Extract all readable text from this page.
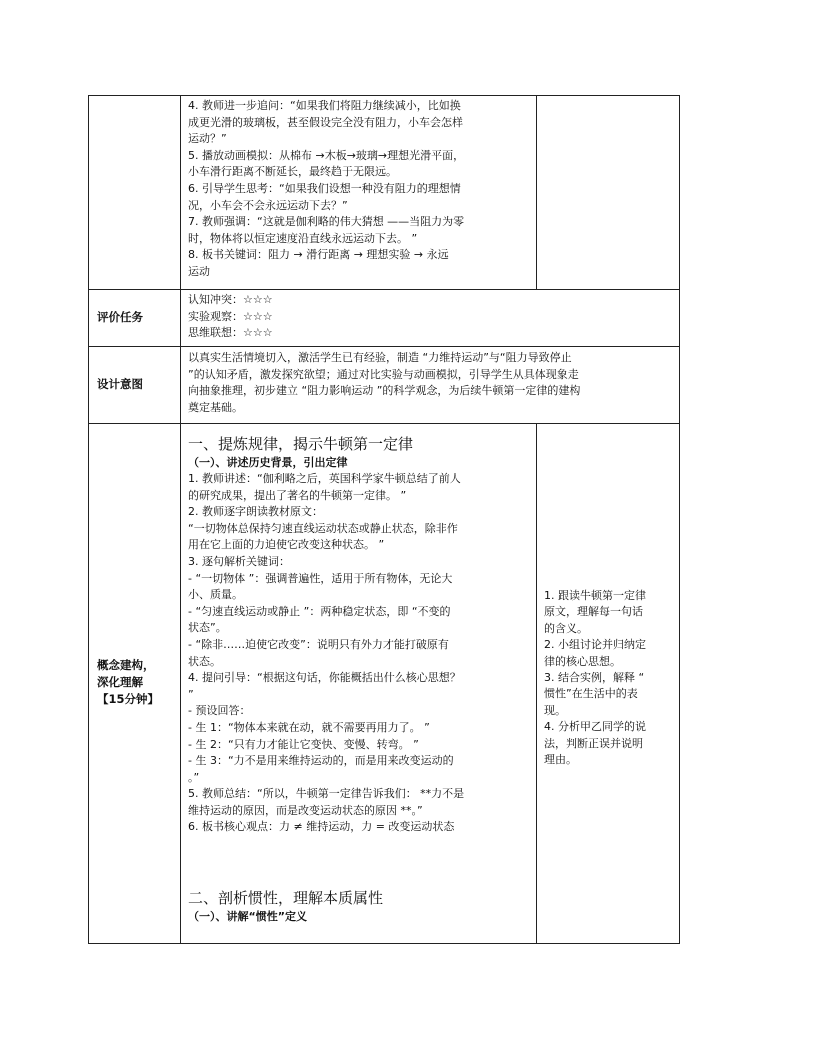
4. 教师进一步追问：“如果我们将阻力继续减小，比如换

成更光滑的玻璃板，甚至假设完全没有阻力，小车会怎样

运动？”

5. 播放动画模拟：从棉布 →木板→玻璃→理想光滑平面，

小车滑行距离不断延长，最终趋于无限远。

6. 引导学生思考：“如果我们设想一种没有阻力的理想情

况，小车会不会永远运动下去？”

7. 教师强调：“这就是伽利略的伟大猜想 ——当阻力为零

时，物体将以恒定速度沿直线永远运动下去。 ”

8. 板书关键词：阻力 → 滑行距离 → 理想实验 → 永远

运动

评价任务

认知冲突：☆☆☆

实验观察：☆☆☆

思维联想：☆☆☆

设计意图

以真实生活情境切入，激活学生已有经验，制造 “力维持运动”与“阻力导致停止

”的认知矛盾，激发探究欲望；通过对比实验与动画模拟，引导学生从具体现象走

向抽象推理，初步建立 “阻力影响运动 ”的科学观念，为后续牛顿第一定律的建构

奠定基础。

概念建构，

深化理解

【15分钟】

一、提炼规律，揭示牛顿第一定律

（一）、讲述历史背景，引出定律

1. 教师讲述：“伽利略之后，英国科学家牛顿总结了前人

的研究成果，提出了著名的牛顿第一定律。 ”

2. 教师逐字朗读教材原文：

“一切物体总保持匀速直线运动状态或静止状态，除非作

用在它上面的力迫使它改变这种状态。 ”

3. 逐句解析关键词：

- “一切物体 ”：强调普遍性，适用于所有物体，无论大

小、质量。

- “匀速直线运动或静止 ”：两种稳定状态，即 “不变的

状态”。

- “除非……迫使它改变”：说明只有外力才能打破原有

状态。

4. 提问引导：“根据这句话，你能概括出什么核心思想？

”

- 预设回答：

- 生 1：“物体本来就在动，就不需要再用力了。 ”

- 生 2：“只有力才能让它变快、变慢、转弯。 ”

- 生 3：“力不是用来维持运动的，而是用来改变运动的

。”

5. 教师总结：“所以，牛顿第一定律告诉我们： **力不是

维持运动的原因，而是改变运动状态的原因 **。”

6. 板书核心观点：力 ≠ 维持运动，力 = 改变运动状态

二、剖析惯性，理解本质属性

（一）、讲解“惯性”定义

1. 跟读牛顿第一定律

原文，理解每一句话

的含义。

2. 小组讨论并归纳定

律的核心思想。

3. 结合实例，解释 “

惯性”在生活中的表

现。

4. 分析甲乙同学的说

法，判断正误并说明

理由。
